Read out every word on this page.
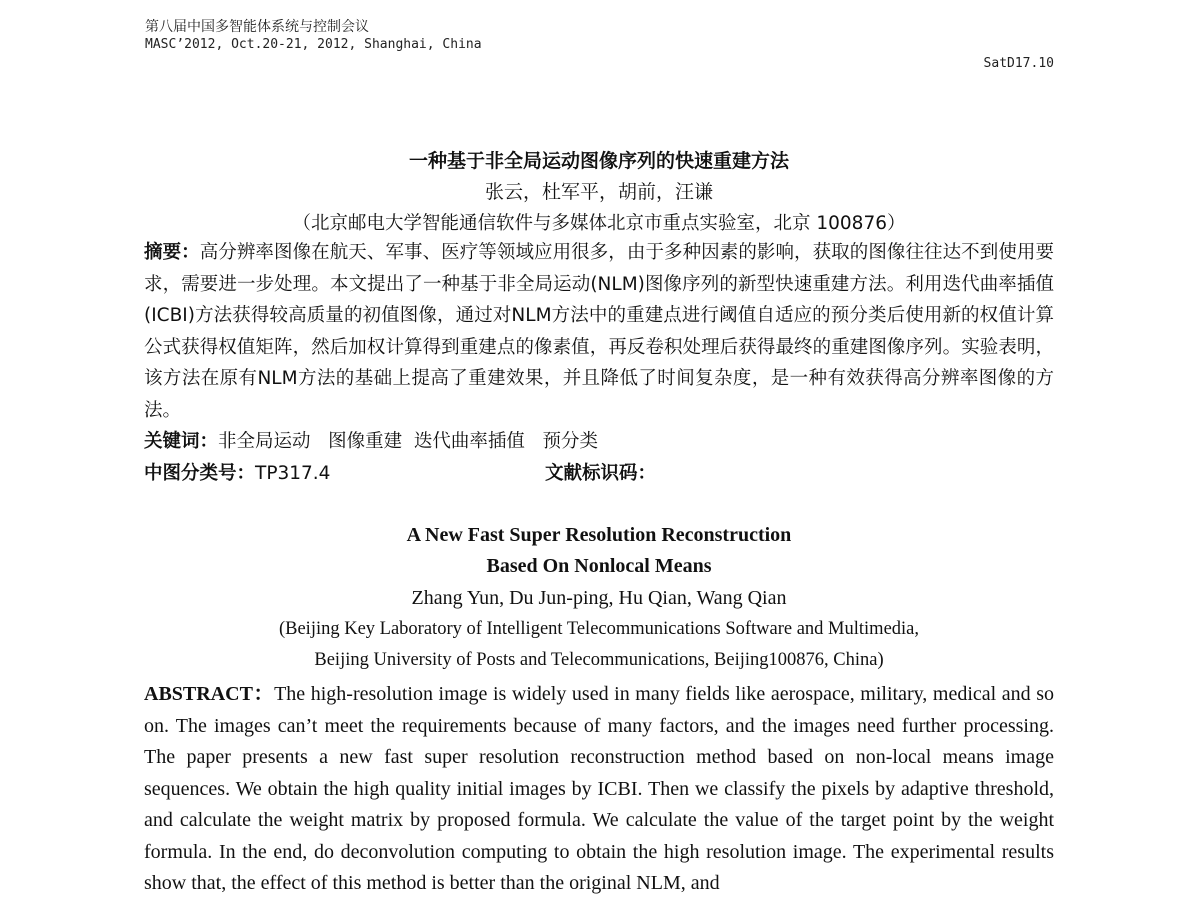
第八届中国多智能体系统与控制会议
MASC’2012, Oct.20-21, 2012, Shanghai, China
SatD17.10
一种基于非全局运动图像序列的快速重建方法
张云，杜军平，胡前，汪谦
（北京邮电大学智能通信软件与多媒体北京市重点实验室，北京 100876）
摘要：高分辨率图像在航天、军事、医疗等领域应用很多，由于多种因素的影响，获取的图像往往达不到使用要求，需要进一步处理。本文提出了一种基于非全局运动(NLM)图像序列的新型快速重建方法。利用迭代曲率插值(ICBI)方法获得较高质量的初值图像，通过对NLM方法中的重建点进行阈值自适应的预分类后使用新的权值计算公式获得权值矩阵，然后加权计算得到重建点的像素值，再反卷积处理后获得最终的重建图像序列。实验表明，该方法在原有NLM方法的基础上提高了重建效果，并且降低了时间复杂度，是一种有效获得高分辨率图像的方法。
关键词：非全局运动   图像重建  迭代曲率插值   预分类
中图分类号：TP317.4	文献标识码：
A New Fast Super Resolution Reconstruction
Based On Nonlocal Means
Zhang Yun, Du Jun-ping, Hu Qian, Wang Qian
(Beijing Key Laboratory of Intelligent Telecommunications Software and Multimedia,
Beijing University of Posts and Telecommunications, Beijing100876, China)
ABSTRACT：The high-resolution image is widely used in many fields like aerospace, military, medical and so on. The images can’t meet the requirements because of many factors, and the images need further processing. The paper presents a new fast super resolution reconstruction method based on non-local means image sequences. We obtain the high quality initial images by ICBI. Then we classify the pixels by adaptive threshold, and calculate the weight matrix by proposed formula. We calculate the value of the target point by the weight formula. In the end, do deconvolution computing to obtain the high resolution image. The experimental results show that, the effect of this method is better than the original NLM, and
